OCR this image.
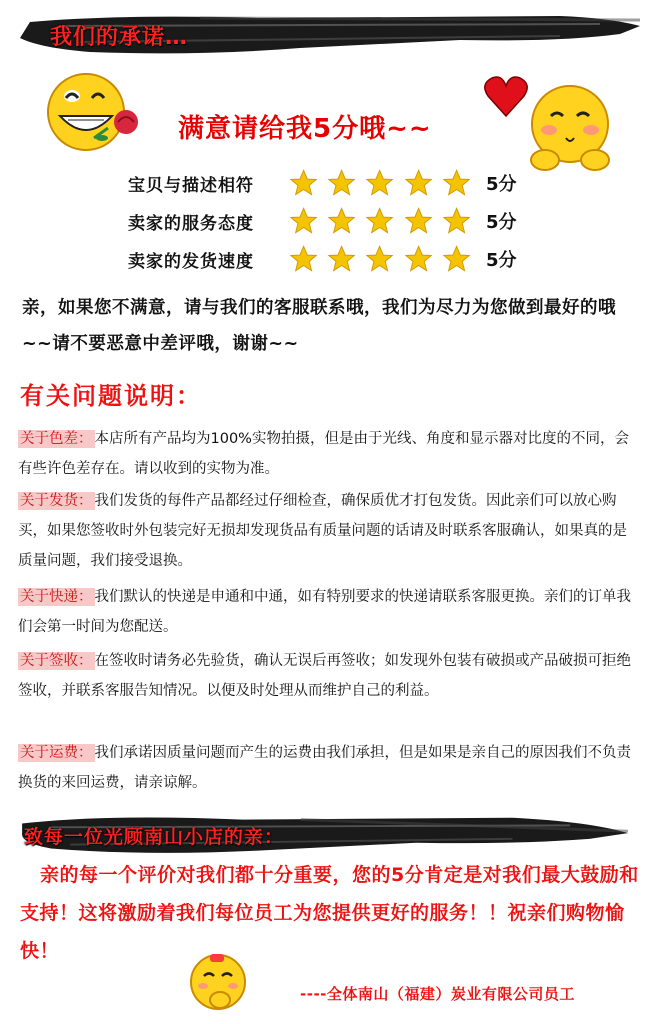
我们的承诺…
满意请给我5分哦~~
宝贝与描述相符	5分
卖家的服务态度	5分
卖家的发货速度	5分
亲，如果您不满意，请与我们的客服联系哦，我们为尽力为您做到最好的哦~~请不要恶意中差评哦，谢谢~~
有关问题说明：
关于色差： 本店所有产品均为100%实物拍摄，但是由于光线、角度和显示器对比度的不同，会有些许色差存在。请以收到的实物为准。
关于发货： 我们发货的每件产品都经过仔细检查，确保质优才打包发货。因此亲们可以放心购买，如果您签收时外包装完好无损却发现货品有质量问题的话请及时联系客服确认，如果真的是质量问题，我们接受退换。
关于快递： 我们默认的快递是申通和中通，如有特别要求的快递请联系客服更换。亲们的订单我们会第一时间为您配送。
关于签收： 在签收时请务必先验货，确认无误后再签收；如发现外包装有破损或产品破损可拒绝签收，并联系客服告知情况。以便及时处理从而维护自己的利益。
关于运费： 我们承诺因质量问题而产生的运费由我们承担，但是如果是亲自己的原因我们不负责换货的来回运费，请亲谅解。
致每一位光顾南山小店的亲：
亲的每一个评价对我们都十分重要，您的5分肯定是对我们最大鼓励和支持！这将激励着我们每位员工为您提供更好的服务！！祝亲们购物愉快！
----全体南山（福建）炭业有限公司员工
